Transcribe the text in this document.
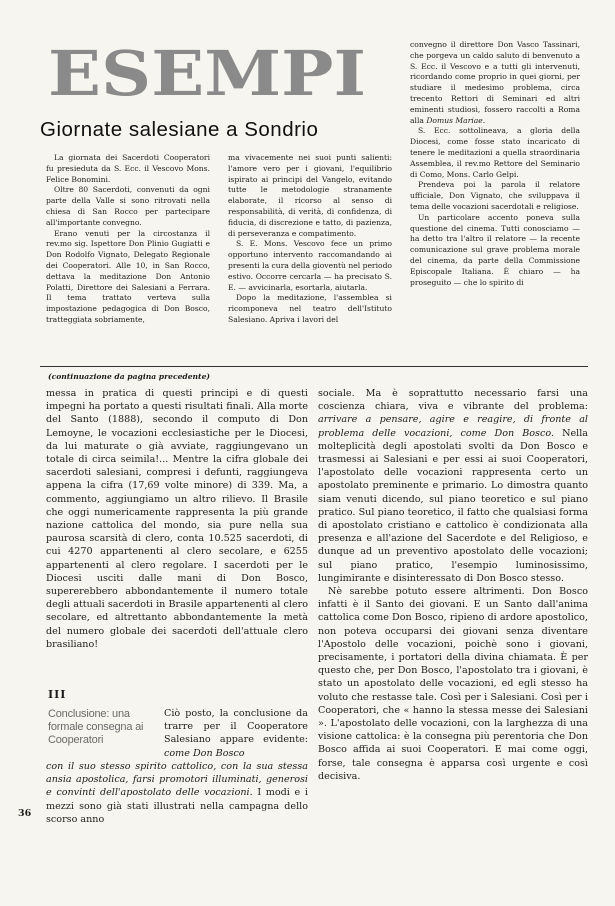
ESEMPI
Giornate salesiane a Sondrio

La giornata dei Sacerdoti Cooperatori fu presieduta da S. Ecc. il Vescovo Mons. Felice Bonomini.

Oltre 80 Sacerdoti, convenuti da ogni parte della Valle si sono ritrovati nella chiesa di San Rocco per partecipare all'importante convegno.

Erano venuti per la circostanza il rev.mo sig. Ispettore Don Plinio Gugiatti e Don Rodolfo Vignato, Delegato Regionale dei Cooperatori. Alle 10, in San Rocco, dettava la meditazione Don Antonio Polatti, Direttore dei Salesiani a Ferrara. Il tema trattato verteva sulla impostazione pedagogica di Don Bosco, tratteggiata sobriamente,

ma vivacemente nei suoi punti salienti: l'amore vero per i giovani, l'equilibrio ispirato ai principi del Vangelo, evitando tutte le metodologie stranamente elaborate, il ricorso al senso di responsabilità, di verità, di confidenza, di fiducia, di discrezione e tatto, di pazienza, di perseveranza e compatimento.

S. E. Mons. Vescovo fece un primo opportuno intervento raccomandando ai presenti la cura della gioventù nel periodo estivo. Occorre cercarla — ha precisato S. E. — avvicinarla, esortarla, aiutarla.

Dopo la meditazione, l'assemblea si ricomponeva nel teatro dell'Istituto Salesiano. Apriva i lavori del

convegno il direttore Don Vasco Tassinari, che porgeva un caldo saluto di benvenuto a S. Ecc. il Vescovo e a tutti gli intervenuti, ricordando come proprio in quei giorni, per studiare il medesimo problema, circa trecento Rettori di Seminari ed altri eminenti studiosi, fossero raccolti a Roma alla Domus Mariae.

S. Ecc. sottolineava, a gloria della Diocesi, come fosse stato incaricato di tenere le meditazioni a quella straordinaria Assemblea, il rev.mo Rettore del Seminario di Como, Mons. Carlo Gelpi.

Prendeva poi la parola il relatore ufficiale, Don Vignato, che sviluppava il tema delle vocazioni sacerdotali e religiose.

Un particolare accento poneva sulla questione del cinema. Tutti conosciamo — ha detto tra l'altro il relatore — la recente comunicazione sul grave problema morale del cinema, da parte della Commissione Episcopale Italiana. È chiaro — ha proseguito — che lo spirito di

(continuazione da pagina precedente)

messa in pratica di questi principi e di questi impegni ha portato a questi risultati finali. Alla morte del Santo (1888), secondo il computo di Don Lemoyne, le vocazioni ecclesiastiche per le Diocesi, da lui maturate o già avviate, raggiungevano un totale di circa seimila!... Mentre la cifra globale dei sacerdoti salesiani, compresi i defunti, raggiungeva appena la cifra (17,69 volte minore) di 339. Ma, a commento, aggiungiamo un altro rilievo. Il Brasile che oggi numericamente rappresenta la più grande nazione cattolica del mondo, sia pure nella sua paurosa scarsità di clero, conta 10.525 sacerdoti, di cui 4270 appartenenti al clero secolare, e 6255 appartenenti al clero regolare. I sacerdoti per le Diocesi usciti dalle mani di Don Bosco, supererebbero abbondantemente il numero totale degli attuali sacerdoti in Brasile appartenenti al clero secolare, ed altrettanto abbondantemente la metà del numero globale dei sacerdoti dell'attuale clero brasiliano!

III
Conclusione: una formale consegna ai Cooperatori

Ciò posto, la conclusione da trarre per il Cooperatore Salesiano appare evidente: come Don Bosco

con il suo stesso spirito cattolico, con la sua stessa ansia apostolica, farsi promotori illuminati, generosi e convinti dell'apostolato delle vocazioni. I modi e i mezzi sono già stati illustrati nella campagna dello scorso anno

36

sociale. Ma è soprattutto necessario farsi una coscienza chiara, viva e vibrante del problema: arrivare a pensare, agire e reagire, di fronte al problema delle vocazioni, come Don Bosco. Nella molteplicità degli apostolati svolti da Don Bosco e trasmessi ai Salesiani e per essi ai suoi Cooperatori, l'apostolato delle vocazioni rappresenta certo un apostolato preminente e primario. Lo dimostra quanto siam venuti dicendo, sul piano teoretico e sul piano pratico. Sul piano teoretico, il fatto che qualsiasi forma di apostolato cristiano e cattolico è condizionata alla presenza e all'azione del Sacerdote e del Religioso, e dunque ad un preventivo apostolato delle vocazioni; sul piano pratico, l'esempio luminosissimo, lungimirante e disinteressato di Don Bosco stesso.

Nè sarebbe potuto essere altrimenti. Don Bosco infatti è il Santo dei giovani. E un Santo dall'anima cattolica come Don Bosco, ripieno di ardore apostolico, non poteva occuparsi dei giovani senza diventare l'Apostolo delle vocazioni, poichè sono i giovani, precisamente, i portatori della divina chiamata. È per questo che, per Don Bosco, l'apostolato tra i giovani, è stato un apostolato delle vocazioni, ed egli stesso ha voluto che restasse tale. Così per i Salesiani. Così per i Cooperatori, che « hanno la stessa messe dei Salesiani ». L'apostolato delle vocazioni, con la larghezza di una visione cattolica: è la consegna più perentoria che Don Bosco affida ai suoi Cooperatori. E mai come oggi, forse, tale consegna è apparsa così urgente e così decisiva.
